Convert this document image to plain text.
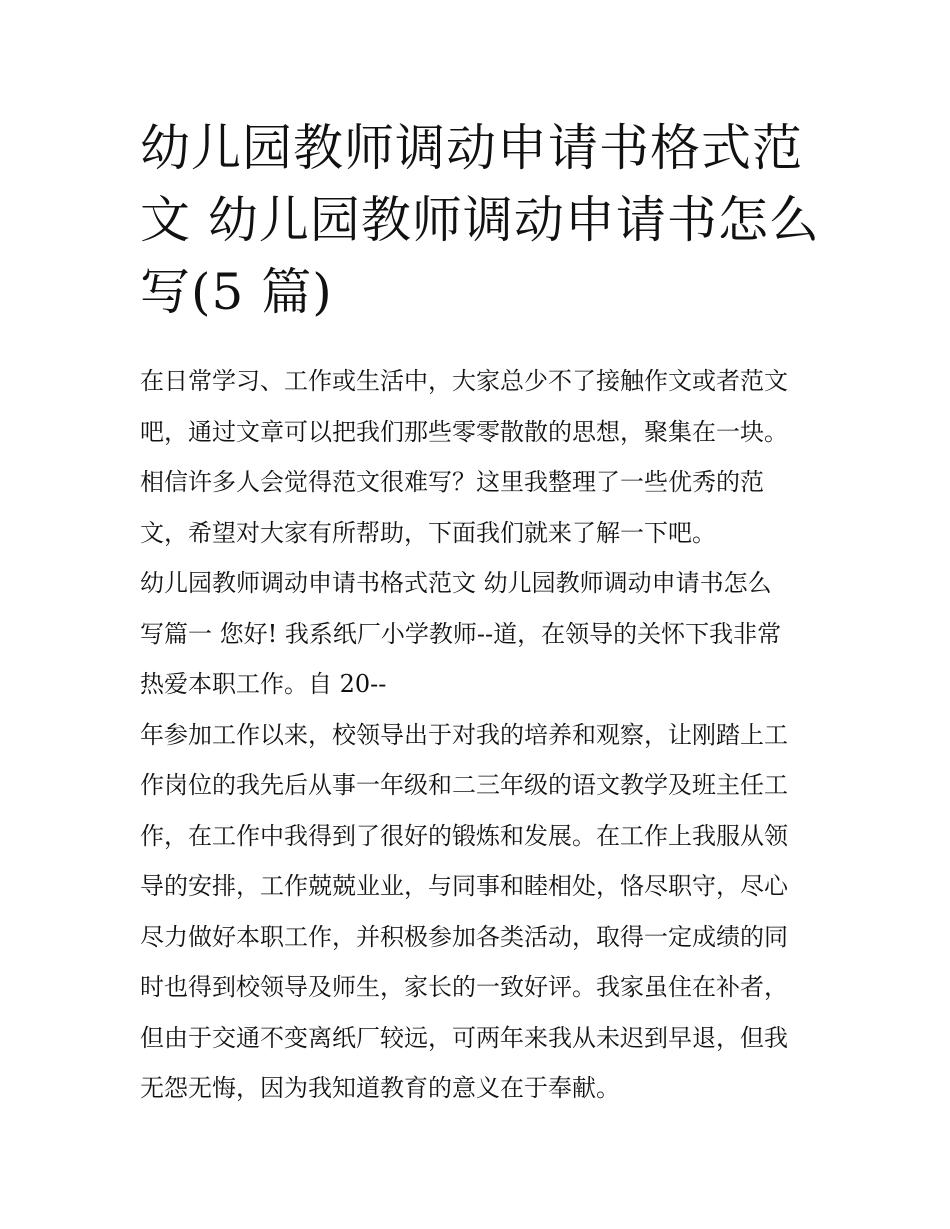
幼儿园教师调动申请书格式范
文 幼儿园教师调动申请书怎么
写(5 篇)
在日常学习、工作或生活中，大家总少不了接触作文或者范文
吧，通过文章可以把我们那些零零散散的思想，聚集在一块。
相信许多人会觉得范文很难写？这里我整理了一些优秀的范
文，希望对大家有所帮助，下面我们就来了解一下吧。
幼儿园教师调动申请书格式范文 幼儿园教师调动申请书怎么
写篇一 您好! 我系纸厂小学教师--道，在领导的关怀下我非常
热爱本职工作。自 20--
年参加工作以来，校领导出于对我的培养和观察，让刚踏上工
作岗位的我先后从事一年级和二三年级的语文教学及班主任工
作，在工作中我得到了很好的锻炼和发展。在工作上我服从领
导的安排，工作兢兢业业，与同事和睦相处，恪尽职守，尽心
尽力做好本职工作，并积极参加各类活动，取得一定成绩的同
时也得到校领导及师生，家长的一致好评。我家虽住在补者，
但由于交通不变离纸厂较远，可两年来我从未迟到早退，但我
无怨无悔，因为我知道教育的意义在于奉献。
